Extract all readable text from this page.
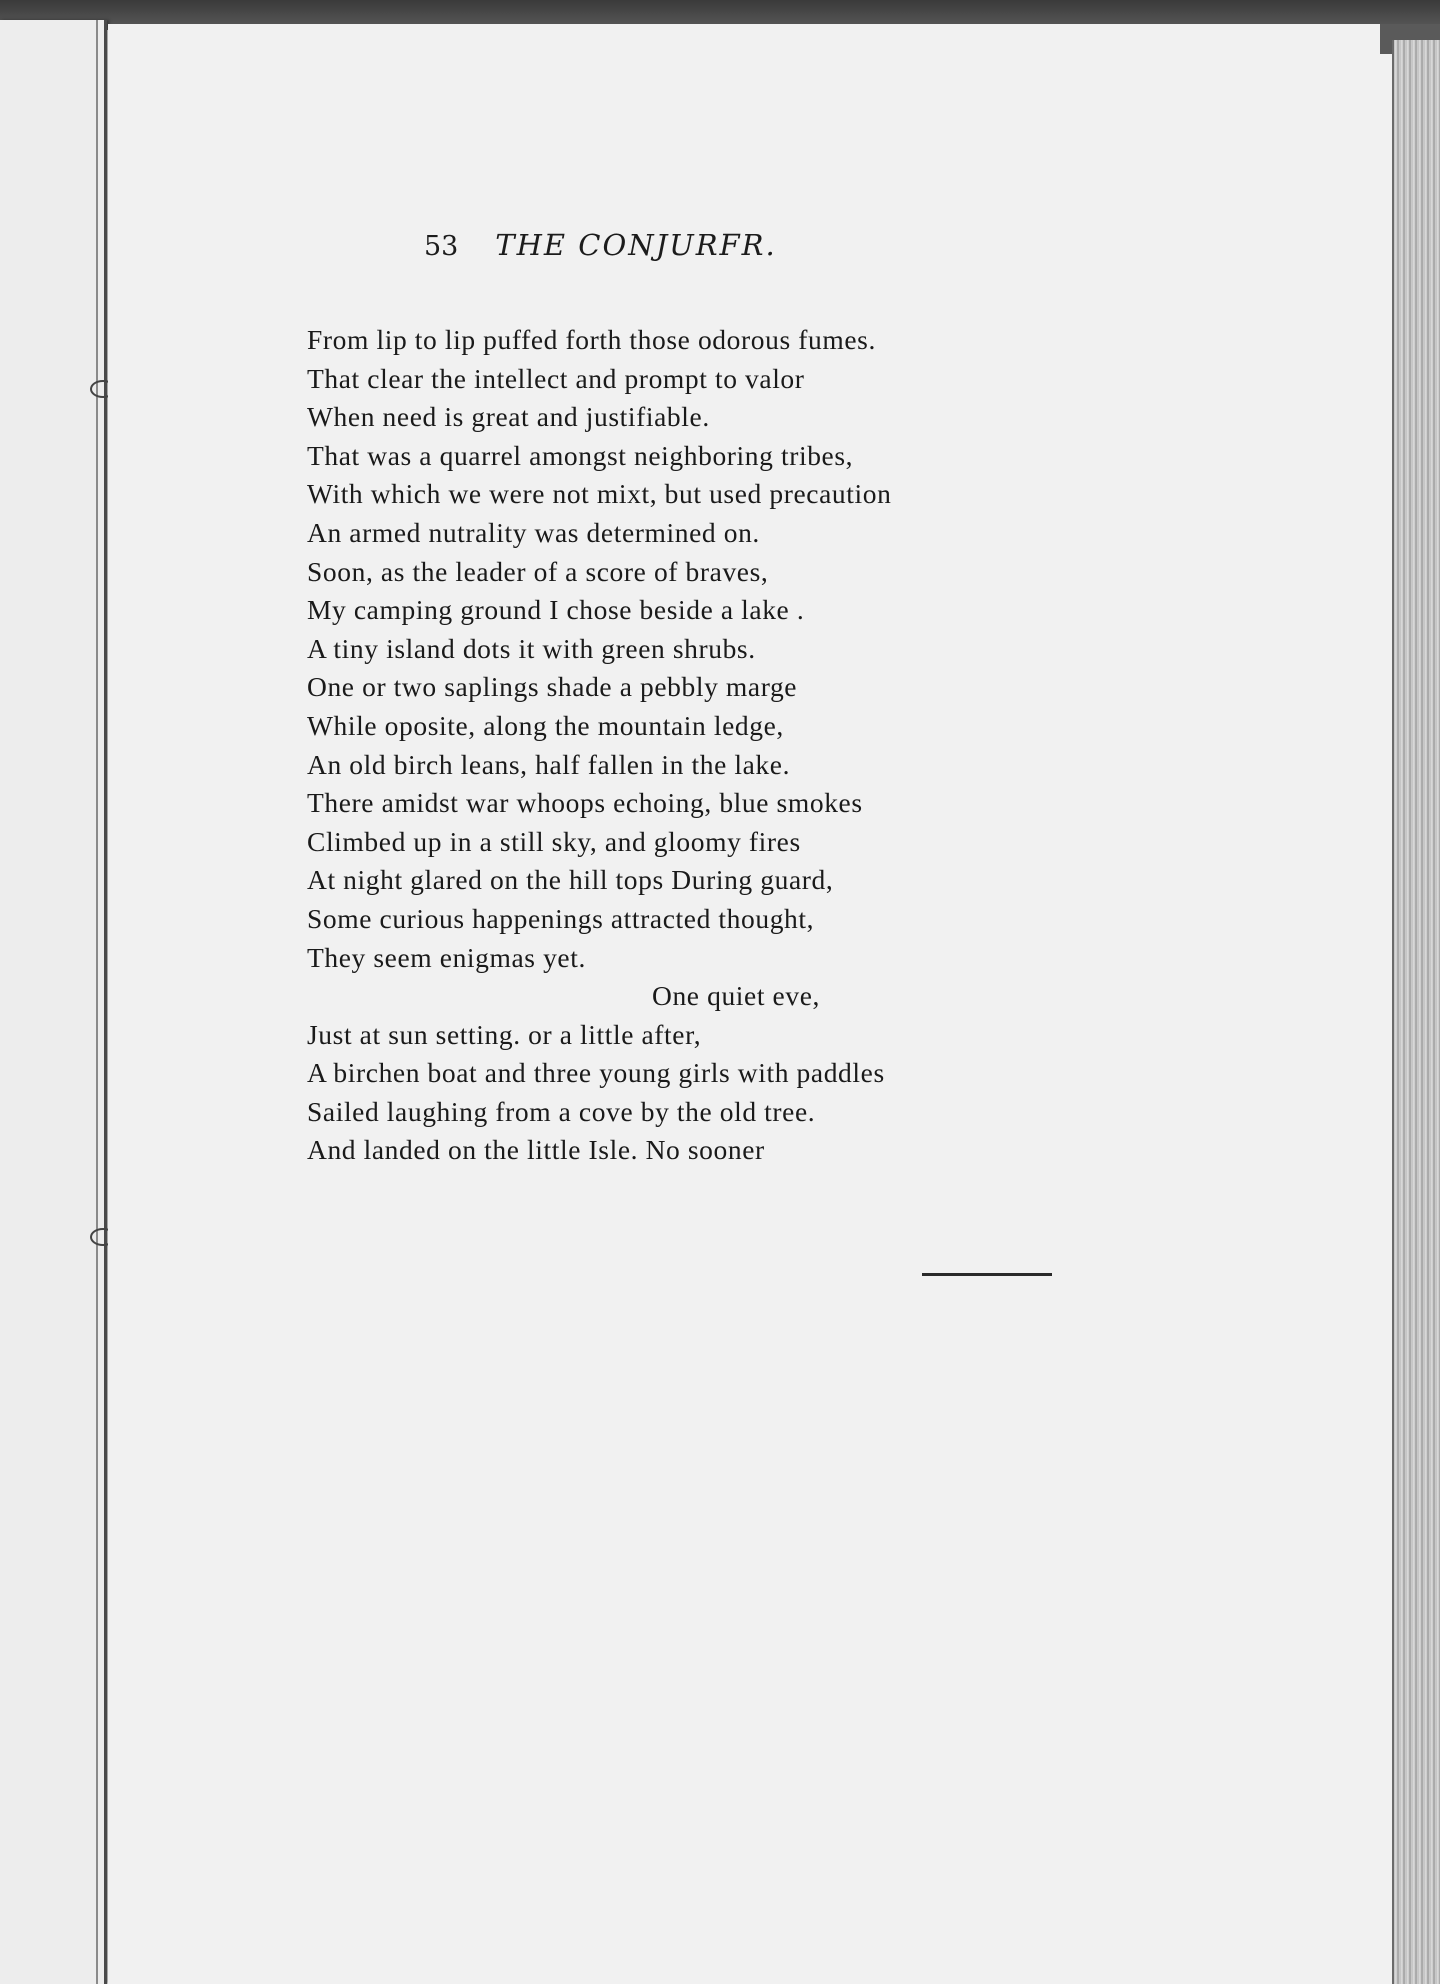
53 THE CONJURFR.
From lip to lip puffed forth those odorous fumes.
That clear the intellect and prompt to valor
When need is great and justifiable.
That was a quarrel amongst neighboring tribes,
With which we were not mixt, but used precaution
An armed nutrality was determined on.
Soon, as the leader of a score of braves,
My camping ground I chose beside a lake .
A tiny island dots it with green shrubs.
One or two saplings shade a pebbly marge
While oposite, along the mountain ledge,
An old birch leans, half fallen in the lake.
There amidst war whoops echoing, blue smokes
Climbed up in a still sky, and gloomy fires
At night glared on the hill tops During guard,
Some curious happenings attracted thought,
They seem enigmas yet.
One quiet eve,
Just at sun setting. or a little after,
A birchen boat and three young girls with paddles
Sailed laughing from a cove by the old tree.
And landed on the little Isle. No sooner
